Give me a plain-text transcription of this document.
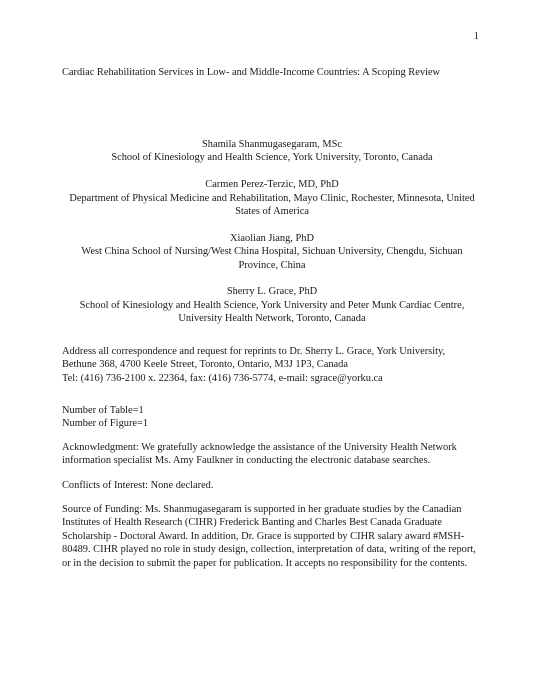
1
Cardiac Rehabilitation Services in Low- and Middle-Income Countries: A Scoping Review

Shamila Shanmugasegaram, MSc

School of Kinesiology and Health Science, York University, Toronto, Canada

Carmen Perez-Terzic, MD, PhD

Department of Physical Medicine and Rehabilitation, Mayo Clinic, Rochester, Minnesota, United States of America

Xiaolian Jiang, PhD

West China School of Nursing/West China Hospital, Sichuan University, Chengdu, Sichuan Province, China

Sherry L. Grace, PhD

School of Kinesiology and Health Science, York University and Peter Munk Cardiac Centre, University Health Network, Toronto, Canada

Address all correspondence and request for reprints to Dr. Sherry L. Grace, York University,

Bethune 368, 4700 Keele Street, Toronto, Ontario, M3J 1P3, Canada

Tel: (416) 736-2100 x. 22364, fax: (416) 736-5774, e-mail: sgrace@yorku.ca

Number of Table=1

Number of Figure=1

Acknowledgment: We gratefully acknowledge the assistance of the University Health Network information specialist Ms. Amy Faulkner in conducting the electronic database searches.

Conflicts of Interest: None declared.

Source of Funding: Ms. Shanmugasegaram is supported in her graduate studies by the Canadian Institutes of Health Research (CIHR) Frederick Banting and Charles Best Canada Graduate Scholarship - Doctoral Award. In addition, Dr. Grace is supported by CIHR salary award #MSH-80489. CIHR played no role in study design, collection, interpretation of data, writing of the report, or in the decision to submit the paper for publication. It accepts no responsibility for the contents.
